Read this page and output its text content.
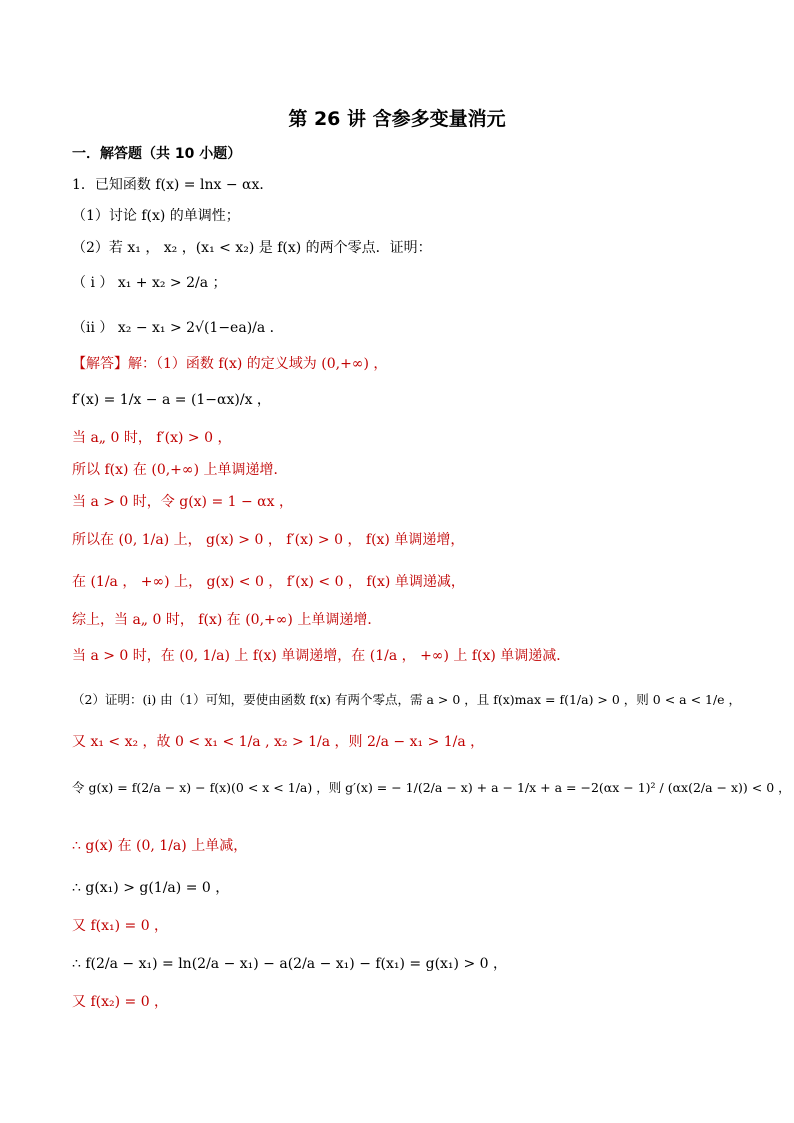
第 26 讲 含参多变量消元
一．解答题（共 10 小题）
1．已知函数 f(x) = lnx − αx．
（1）讨论 f(x) 的单调性；
（2）若 x₁ ， x₂ ，(x₁ < x₂) 是 f(x) 的两个零点．证明：
（ i ） x₁ + x₂ > 2/a ；
（ii ） x₂ − x₁ > 2√(1−ea)/a ．
【解答】解：（1）函数 f(x) 的定义域为 (0,+∞) ，
f′(x) = 1/x − a = (1−αx)/x ，
当 a„ 0 时， f′(x) > 0 ，
所以 f(x) 在 (0,+∞) 上单调递增．
当 a > 0 时，令 g(x) = 1 − αx ，
所以在 (0, 1/a) 上， g(x) > 0 ， f′(x) > 0 ， f(x) 单调递增，
在 (1/a ， +∞) 上， g(x) < 0 ， f′(x) < 0 ， f(x) 单调递减，
综上，当 a„ 0 时， f(x) 在 (0,+∞) 上单调递增．
当 a > 0 时，在 (0, 1/a) 上 f(x) 单调递增，在 (1/a ， +∞) 上 f(x) 单调递减．
（2）证明：(i) 由（1）可知，要使由函数 f(x) 有两个零点，需 a > 0 ，且 f(x)max = f(1/a) > 0 ，则 0 < a < 1/e ，
又 x₁ < x₂ ，故 0 < x₁ < 1/a , x₂ > 1/a ，则 2/a − x₁ > 1/a ，
令 g(x) = f(2/a − x) − f(x)(0 < x < 1/a) ，则 g′(x) = − 1/(2/a − x) + a − 1/x + a = −2(αx − 1)² / (αx(2/a − x)) < 0 ，
∴ g(x) 在 (0, 1/a) 上单减，
∴ g(x₁) > g(1/a) = 0 ，
又 f(x₁) = 0 ，
∴ f(2/a − x₁) = ln(2/a − x₁) − a(2/a − x₁) − f(x₁) = g(x₁) > 0 ，
又 f(x₂) = 0 ，
